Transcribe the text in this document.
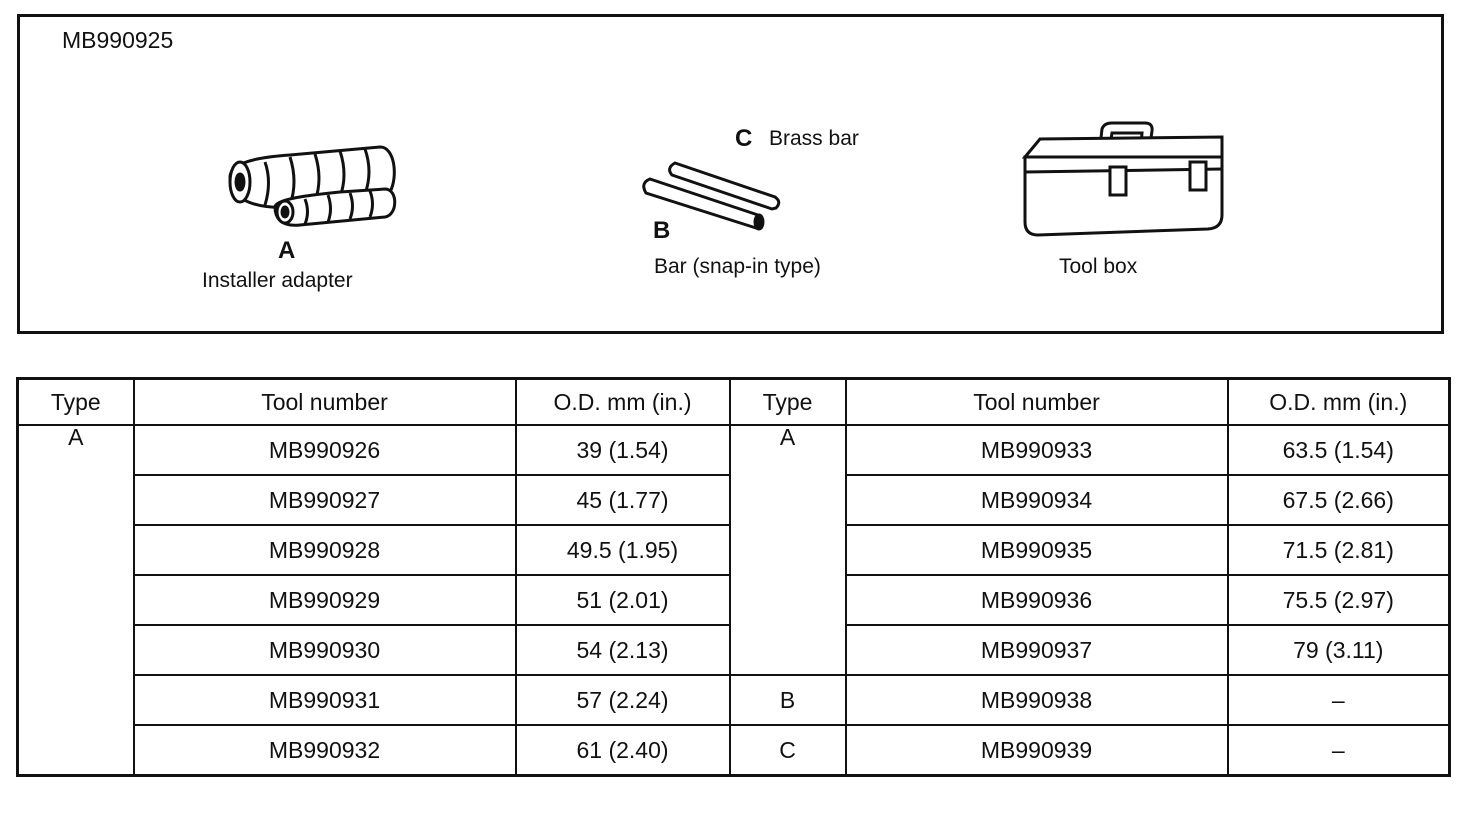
MB990925
A
Installer adapter
C Brass bar
B
Bar (snap-in type)	Tool box
Type	Tool number	O.D. mm (in.)	Type	Tool number	O.D. mm (in.)
A	MB990926	39 (1.54)	A	MB990933	63.5 (1.54)
	MB990927	45 (1.77)		MB990934	67.5 (2.66)
	MB990928	49.5 (1.95)		MB990935	71.5 (2.81)
	MB990929	51 (2.01)		MB990936	75.5 (2.97)
	MB990930	54 (2.13)		MB990937	79 (3.11)
	MB990931	57 (2.24)	B	MB990938	–
	MB990932	61 (2.40)	C	MB990939	–
